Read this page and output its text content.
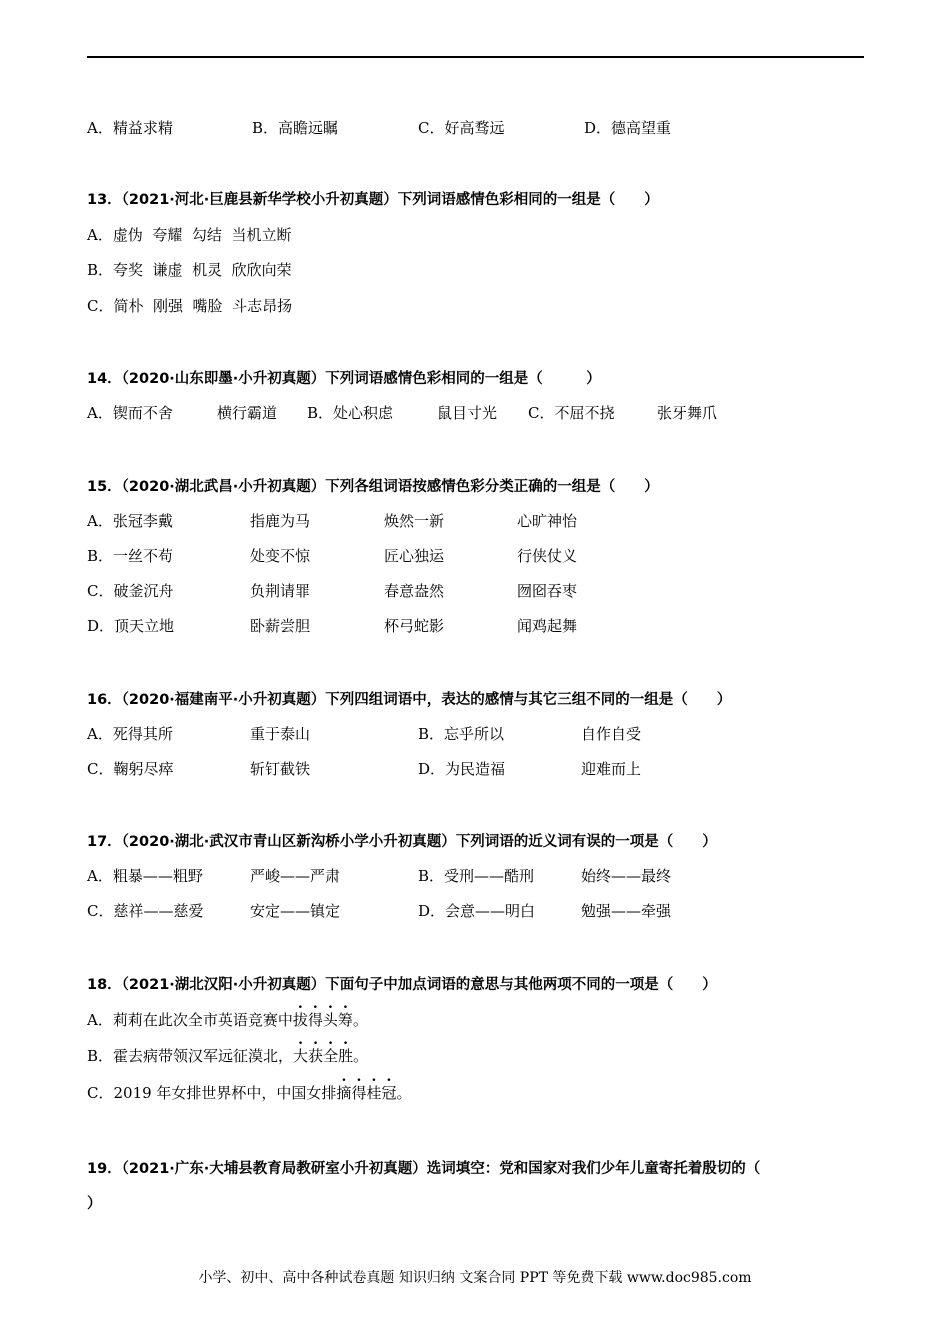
A．精益求精	B．高瞻远瞩	C．好高骛远	D．德高望重
13．（2021·河北·巨鹿县新华学校小升初真题）下列词语感情色彩相同的一组是（　　）
A．虚伪  夸耀  勾结  当机立断
B．夸奖  谦虚  机灵  欣欣向荣
C．简朴  刚强  嘴脸  斗志昂扬
14．（2020·山东即墨·小升初真题）下列词语感情色彩相同的一组是（　　　）
A．锲而不舍	横行霸道 B．处心积虑	鼠目寸光 C．不屈不挠	张牙舞爪
15．（2020·湖北武昌·小升初真题）下列各组词语按感情色彩分类正确的一组是（　　）
A．张冠李戴	指鹿为马	焕然一新	心旷神怡
B．一丝不苟	处变不惊	匠心独运	行侠仗义
C．破釜沉舟	负荆请罪	春意盎然	囫囵吞枣
D．顶天立地	卧薪尝胆	杯弓蛇影	闻鸡起舞
16．（2020·福建南平·小升初真题）下列四组词语中，表达的感情与其它三组不同的一组是（　　）
A．死得其所	重于泰山	B．忘乎所以	自作自受
C．鞠躬尽瘁	斩钉截铁	D．为民造福	迎难而上
17．（2020·湖北·武汉市青山区新沟桥小学小升初真题）下列词语的近义词有误的一项是（　　）
A．粗暴——粗野	严峻——严肃	B．受刑——酷刑	始终——最终
C．慈祥——慈爱	安定——镇定	D．会意——明白	勉强——牵强
18．（2021·湖北汉阳·小升初真题）下面句子中加点词语的意思与其他两项不同的一项是（　　）
A．莉莉在此次全市英语竞赛中拔得头筹。
B．霍去病带领汉军远征漠北，大获全胜。
C．2019 年女排世界杯中，中国女排摘得桂冠。
19．（2021·广东·大埔县教育局教研室小升初真题）选词填空：党和国家对我们少年儿童寄托着殷切的（
）
小学、初中、高中各种试卷真题 知识归纳 文案合同 PPT 等免费下载 www.doc985.com
